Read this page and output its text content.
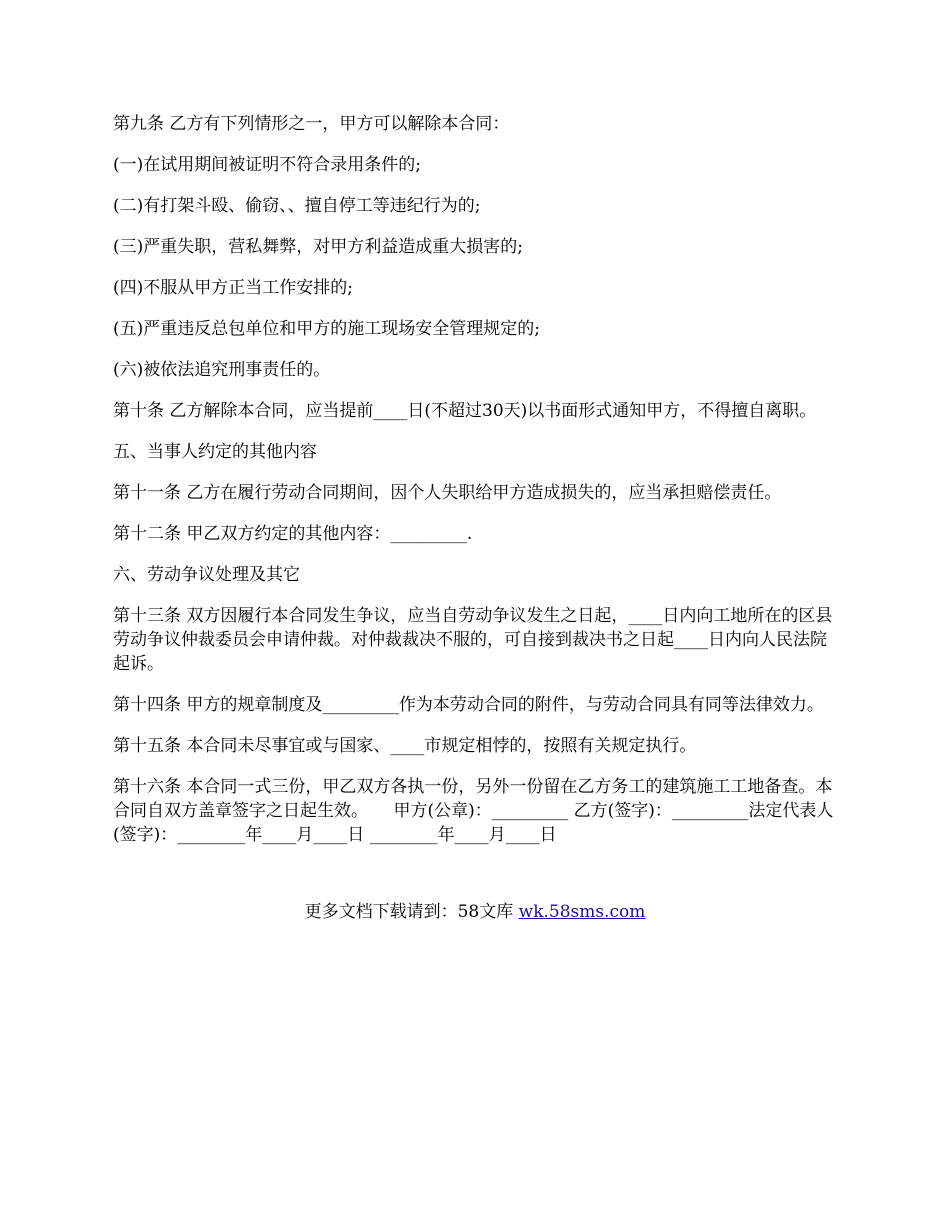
第九条 乙方有下列情形之一，甲方可以解除本合同：

(一)在试用期间被证明不符合录用条件的;

(二)有打架斗殴、偷窃、、擅自停工等违纪行为的;

(三)严重失职，营私舞弊，对甲方利益造成重大损害的;

(四)不服从甲方正当工作安排的;

(五)严重违反总包单位和甲方的施工现场安全管理规定的;

(六)被依法追究刑事责任的。

第十条 乙方解除本合同，应当提前____日(不超过30天)以书面形式通知甲方，不得擅自离职。

五、当事人约定的其他内容

第十一条 乙方在履行劳动合同期间，因个人失职给甲方造成损失的，应当承担赔偿责任。

第十二条 甲乙双方约定的其他内容：_________.

六、劳动争议处理及其它

第十三条 双方因履行本合同发生争议，应当自劳动争议发生之日起，____日内向工地所在的区县劳动争议仲裁委员会申请仲裁。对仲裁裁决不服的，可自接到裁决书之日起____日内向人民法院起诉。

第十四条 甲方的规章制度及_________作为本劳动合同的附件，与劳动合同具有同等法律效力。

第十五条 本合同未尽事宜或与国家、____市规定相悖的，按照有关规定执行。

第十六条 本合同一式三份，甲乙双方各执一份，另外一份留在乙方务工的建筑施工工地备查。本合同自双方盖章签字之日起生效。　　甲方(公章)：_________ 乙方(签字)：_________法定代表人(签字)：________年____月____日 ________年____月____日

更多文档下载请到：58文库 wk.58sms.com
